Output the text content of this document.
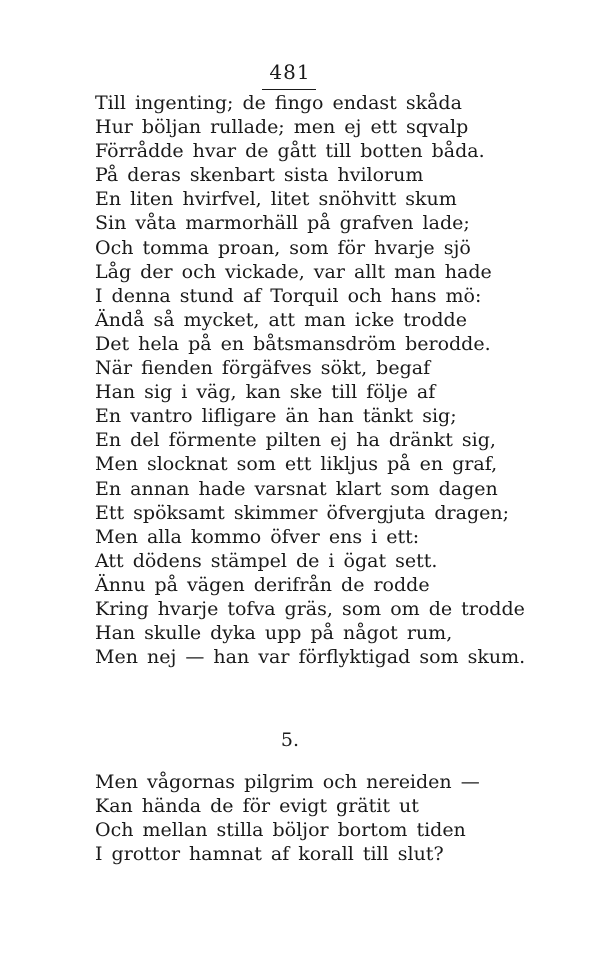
481
Till ingenting; de fingo endast skåda
Hur böljan rullade; men ej ett sqvalp
Förrådde hvar de gått till botten båda.
På deras skenbart sista hvilorum
En liten hvirfvel, litet snöhvitt skum
Sin våta marmorhäll på grafven lade;
Och tomma proan, som för hvarje sjö
Låg der och vickade, var allt man hade
I denna stund af Torquil och hans mö:
Ändå så mycket, att man icke trodde
Det hela på en båtsmansdröm berodde.
När fienden förgäfves sökt, begaf
Han sig i väg, kan ske till följe af
En vantro lifligare än han tänkt sig;
En del förmente pilten ej ha dränkt sig,
Men slocknat som ett likljus på en graf,
En annan hade varsnat klart som dagen
Ett spöksamt skimmer öfvergjuta dragen;
Men alla kommo öfver ens i ett:
Att dödens stämpel de i ögat sett.
Ännu på vägen derifrån de rodde
Kring hvarje tofva gräs, som om de trodde
Han skulle dyka upp på något rum,
Men nej — han var förflyktigad som skum.
5.
Men vågornas pilgrim och nereiden —
Kan hända de för evigt grätit ut
Och mellan stilla böljor bortom tiden
I grottor hamnat af korall till slut?
